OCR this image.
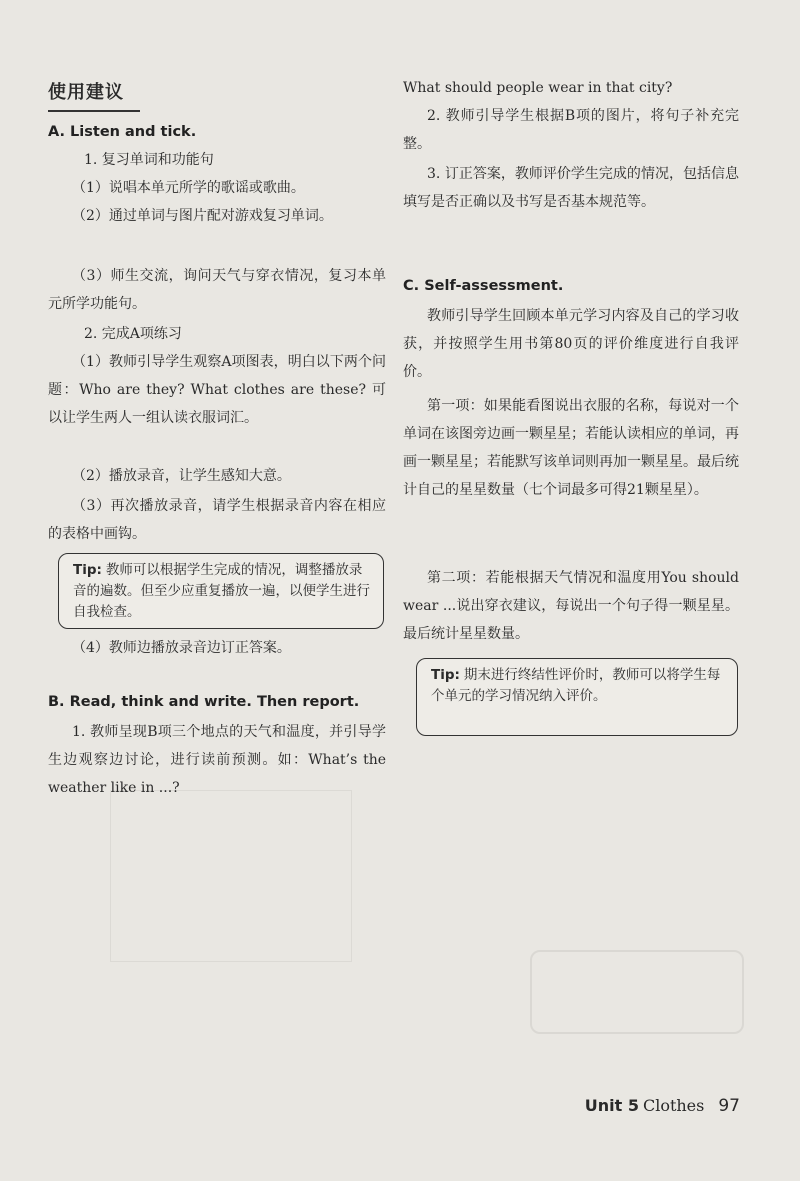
使用建议
A. Listen and tick.
1. 复习单词和功能句
（1）说唱本单元所学的歌谣或歌曲。
（2）通过单词与图片配对游戏复习单词。
（3）师生交流，询问天气与穿衣情况，复习本单元所学功能句。
2. 完成A项练习
（1）教师引导学生观察A项图表，明白以下两个问题：Who are they? What clothes are these? 可以让学生两人一组认读衣服词汇。
（2）播放录音，让学生感知大意。
（3）再次播放录音，请学生根据录音内容在相应的表格中画钩。
Tip: 教师可以根据学生完成的情况，调整播放录音的遍数。但至少应重复播放一遍，以便学生进行自我检查。
（4）教师边播放录音边订正答案。
B. Read, think and write. Then report.
1. 教师呈现B项三个地点的天气和温度，并引导学生边观察边讨论，进行读前预测。如：What’s the weather like in ...?
What should people wear in that city?
2. 教师引导学生根据B项的图片，将句子补充完整。
3. 订正答案，教师评价学生完成的情况，包括信息填写是否正确以及书写是否基本规范等。
C. Self-assessment.
教师引导学生回顾本单元学习内容及自己的学习收获，并按照学生用书第80页的评价维度进行自我评价。
第一项：如果能看图说出衣服的名称，每说对一个单词在该图旁边画一颗星星；若能认读相应的单词，再画一颗星星；若能默写该单词则再加一颗星星。最后统计自己的星星数量（七个词最多可得21颗星星）。
第二项：若能根据天气情况和温度用You should wear ...说出穿衣建议，每说出一个句子得一颗星星。最后统计星星数量。
Tip: 期末进行终结性评价时，教师可以将学生每个单元的学习情况纳入评价。
Unit 5 Clothes 97
